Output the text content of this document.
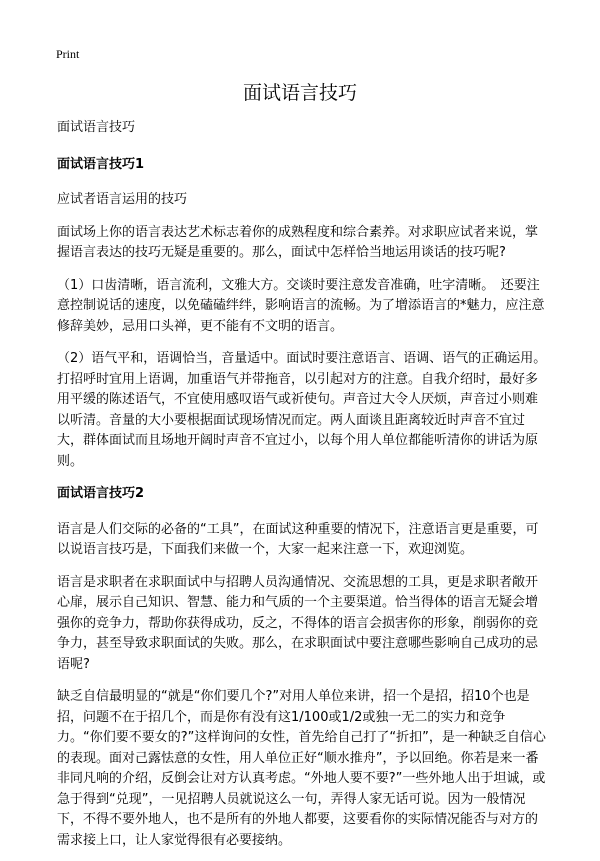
Print
面试语言技巧

面试语言技巧

面试语言技巧1

应试者语言运用的技巧

面试场上你的语言表达艺术标志着你的成熟程度和综合素养。对求职应试者来说，掌握语言表达的技巧无疑是重要的。那么，面试中怎样恰当地运用谈话的技巧呢?

（1）口齿清晰，语言流利，文雅大方。交谈时要注意发音准确，吐字清晰。　还要注意控制说话的速度，以免磕磕绊绊，影响语言的流畅。为了增添语言的*魅力，应注意修辞美妙，忌用口头禅，更不能有不文明的语言。

（2）语气平和，语调恰当，音量适中。面试时要注意语言、语调、语气的正确运用。打招呼时宜用上语调，加重语气并带拖音，以引起对方的注意。自我介绍时，最好多用平缓的陈述语气，不宜使用感叹语气或祈使句。声音过大令人厌烦，声音过小则难以听清。音量的大小要根据面试现场情况而定。两人面谈且距离较近时声音不宜过大，群体面试而且场地开阔时声音不宜过小，以每个用人单位都能听清你的讲话为原则。

面试语言技巧2

语言是人们交际的必备的“工具”，在面试这种重要的情况下，注意语言更是重要，可以说语言技巧是，下面我们来做一个，大家一起来注意一下，欢迎浏览。

语言是求职者在求职面试中与招聘人员沟通情况、交流思想的工具，更是求职者敞开心扉，展示自己知识、智慧、能力和气质的一个主要渠道。恰当得体的语言无疑会增强你的竞争力，帮助你获得成功，反之，不得体的语言会损害你的形象，削弱你的竞争力，甚至导致求职面试的失败。那么，在求职面试中要注意哪些影响自己成功的忌语呢?

缺乏自信最明显的“就是“你们要几个?”对用人单位来讲，招一个是招，招10个也是招，问题不在于招几个，而是你有没有这1/100或1/2或独一无二的实力和竞争力。“你们要不要女的?”这样询问的女性，首先给自己打了“折扣”，是一种缺乏自信心的表现。面对己露怯意的女性，用人单位正好“顺水推舟”，予以回绝。你若是来一番非同凡响的介绍，反倒会让对方认真考虑。“外地人要不要?”一些外地人出于坦诚，或急于得到“兑现”，一见招聘人员就说这么一句，弄得人家无话可说。因为一般情况下，不得不要外地人，也不是所有的外地人都要，这要看你的实际情况能否与对方的需求接上口，让人家觉得很有必要接纳。
